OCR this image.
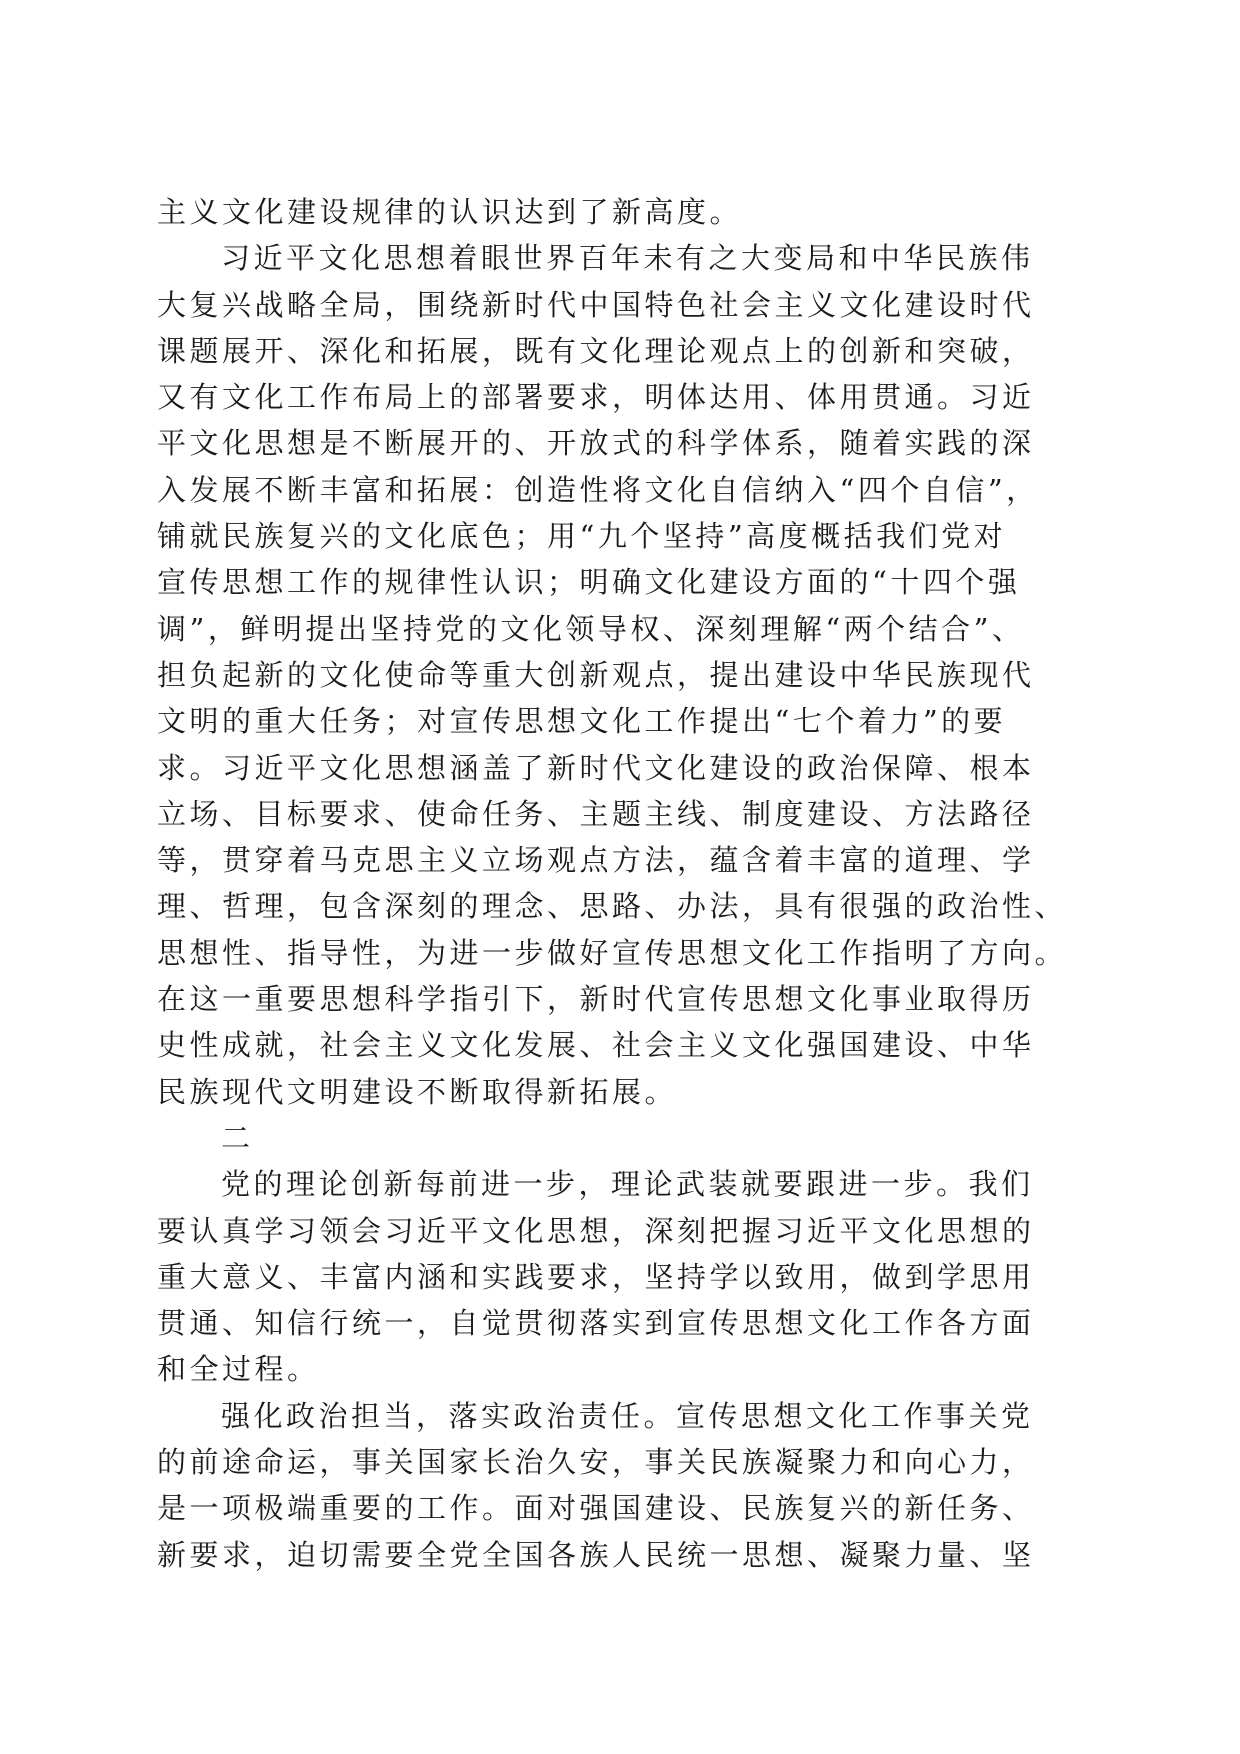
主义文化建设规律的认识达到了新高度。
习近平文化思想着眼世界百年未有之大变局和中华民族伟
大复兴战略全局，围绕新时代中国特色社会主义文化建设时代
课题展开、深化和拓展，既有文化理论观点上的创新和突破，
又有文化工作布局上的部署要求，明体达用、体用贯通。习近
平文化思想是不断展开的、开放式的科学体系，随着实践的深
入发展不断丰富和拓展：创造性将文化自信纳入“四个自信”，
铺就民族复兴的文化底色；用“九个坚持”高度概括我们党对
宣传思想工作的规律性认识；明确文化建设方面的“十四个强
调”，鲜明提出坚持党的文化领导权、深刻理解“两个结合”、
担负起新的文化使命等重大创新观点，提出建设中华民族现代
文明的重大任务；对宣传思想文化工作提出“七个着力”的要
求。习近平文化思想涵盖了新时代文化建设的政治保障、根本
立场、目标要求、使命任务、主题主线、制度建设、方法路径
等，贯穿着马克思主义立场观点方法，蕴含着丰富的道理、学
理、哲理，包含深刻的理念、思路、办法，具有很强的政治性、
思想性、指导性，为进一步做好宣传思想文化工作指明了方向。
在这一重要思想科学指引下，新时代宣传思想文化事业取得历
史性成就，社会主义文化发展、社会主义文化强国建设、中华
民族现代文明建设不断取得新拓展。
二
党的理论创新每前进一步，理论武装就要跟进一步。我们
要认真学习领会习近平文化思想，深刻把握习近平文化思想的
重大意义、丰富内涵和实践要求，坚持学以致用，做到学思用
贯通、知信行统一，自觉贯彻落实到宣传思想文化工作各方面
和全过程。
强化政治担当，落实政治责任。宣传思想文化工作事关党
的前途命运，事关国家长治久安，事关民族凝聚力和向心力，
是一项极端重要的工作。面对强国建设、民族复兴的新任务、
新要求，迫切需要全党全国各族人民统一思想、凝聚力量、坚
